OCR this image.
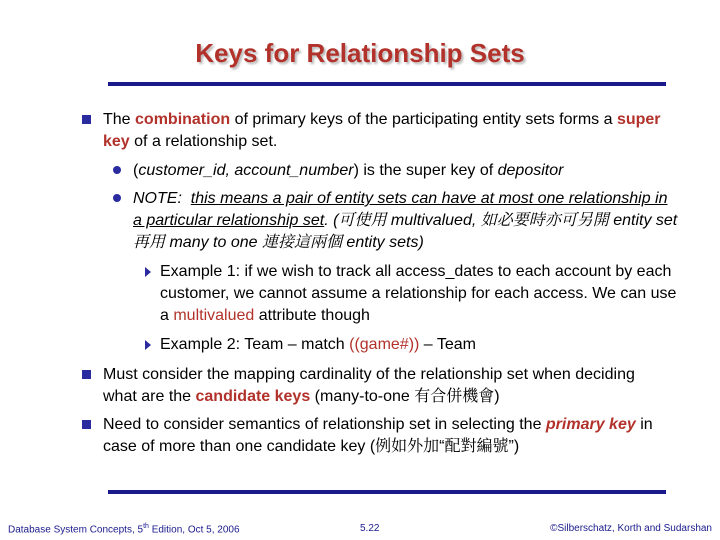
Keys for Relationship Sets
The combination of primary keys of the participating entity sets forms a super key of a relationship set.
(customer_id, account_number) is the super key of depositor
NOTE: this means a pair of entity sets can have at most one relationship in a particular relationship set. (可使用 multivalued, 如必要時亦可另開 entity set 再用 many to one 連接這兩個 entity sets)
Example 1: if we wish to track all access_dates to each account by each customer, we cannot assume a relationship for each access. We can use a multivalued attribute though
Example 2: Team – match ((game#)) – Team
Must consider the mapping cardinality of the relationship set when deciding what are the candidate keys (many-to-one 有合併機會)
Need to consider semantics of relationship set in selecting the primary key in case of more than one candidate key (例如外加“配對編號”)
Database System Concepts, 5th Edition, Oct 5, 2006	5.22	©Silberschatz, Korth and Sudarshan
